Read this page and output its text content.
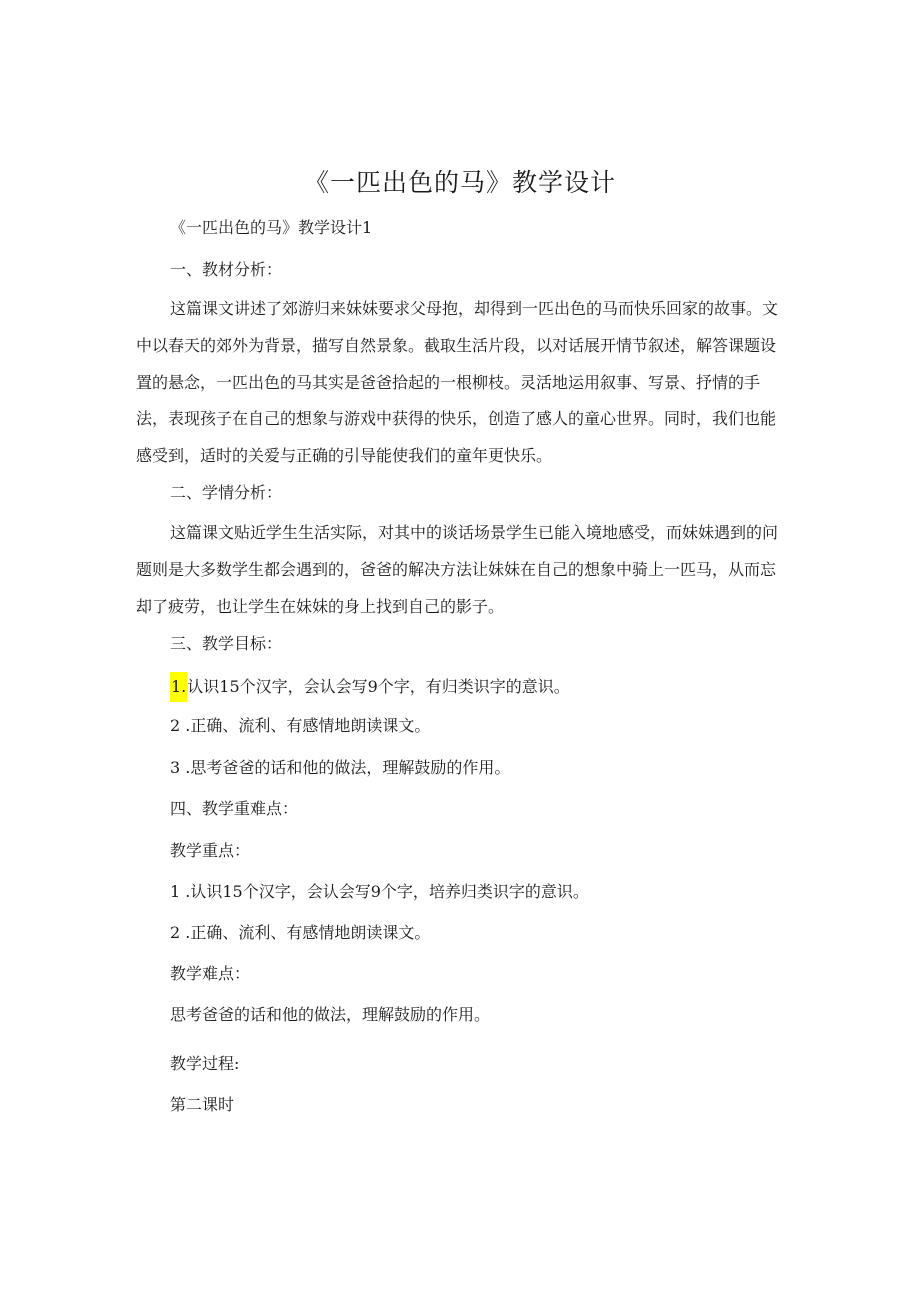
《一匹出色的马》教学设计
《一匹出色的马》教学设计1
一、教材分析：
这篇课文讲述了郊游归来妹妹要求父母抱，却得到一匹出色的马而快乐回家的故事。文中以春天的郊外为背景，描写自然景象。截取生活片段，以对话展开情节叙述，解答课题设置的悬念，一匹出色的马其实是爸爸拾起的一根柳枝。灵活地运用叙事、写景、抒情的手法，表现孩子在自己的想象与游戏中获得的快乐，创造了感人的童心世界。同时，我们也能感受到，适时的关爱与正确的引导能使我们的童年更快乐。
二、学情分析：
这篇课文贴近学生生活实际，对其中的谈话场景学生已能入境地感受，而妹妹遇到的问题则是大多数学生都会遇到的，爸爸的解决方法让妹妹在自己的想象中骑上一匹马，从而忘却了疲劳，也让学生在妹妹的身上找到自己的影子。
三、教学目标：
1.认识15个汉字，会认会写9个字，有归类识字的意识。
2 .正确、流利、有感情地朗读课文。
3 .思考爸爸的话和他的做法，理解鼓励的作用。
四、教学重难点：
教学重点：
1 .认识15个汉字，会认会写9个字，培养归类识字的意识。
2 .正确、流利、有感情地朗读课文。
教学难点：
思考爸爸的话和他的做法，理解鼓励的作用。
教学过程:
第二课时
